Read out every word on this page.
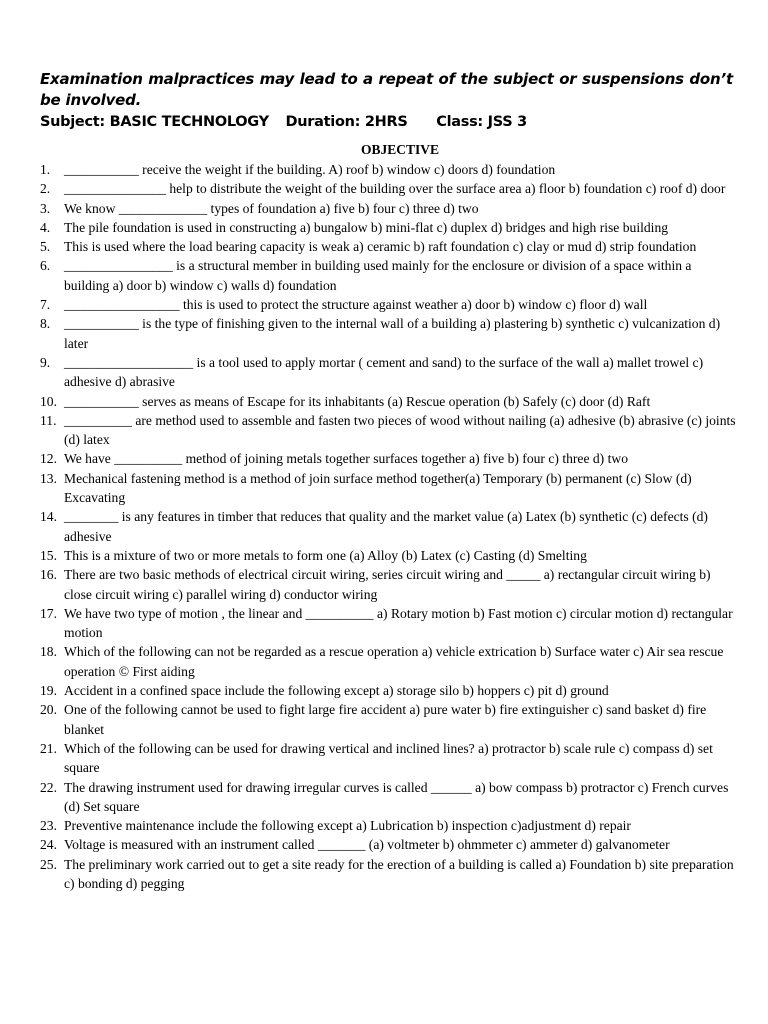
Examination malpractices may lead to a repeat of the subject or suspensions don’t be involved.
Subject: BASIC TECHNOLOGY Duration: 2HRS Class: JSS 3
OBJECTIVE
1.	___________ receive the weight if the building. A) roof b) window c) doors d) foundation
2.	_______________ help to distribute the weight of the building over the surface area a) floor b) foundation c) roof d) door
3.	We know _____________ types of foundation a) five b) four c) three d) two
4.	The pile foundation is used in constructing a) bungalow b) mini-flat c) duplex d) bridges and high rise building
5.	This is used where the load bearing capacity is weak a) ceramic b) raft foundation c) clay or mud d) strip foundation
6.	________________ is a structural member in building used mainly for the enclosure or division of a space within a building a) door b) window c) walls d) foundation
7.	_________________ this is used to protect the structure against weather a) door b) window c) floor d) wall
8.	___________ is the type of finishing given to the internal wall of a building a) plastering b) synthetic c) vulcanization d) later
9.	___________________ is a tool used to apply mortar ( cement and sand) to the surface of the wall a) mallet trowel c) adhesive d) abrasive
10. ___________ serves as means of Escape for its inhabitants (a) Rescue operation (b) Safely (c) door (d) Raft
11. __________ are method used to assemble and fasten two pieces of wood without nailing (a) adhesive (b) abrasive (c) joints (d) latex
12. We have __________ method of joining metals together surfaces together a) five b) four c) three d) two
13. Mechanical fastening method is a method of join surface method together(a) Temporary (b) permanent (c) Slow (d) Excavating
14. ________ is any features in timber that reduces that quality and the market value (a) Latex (b) synthetic (c) defects (d) adhesive
15. This is a mixture of two or more metals to form one (a) Alloy (b) Latex (c) Casting (d) Smelting
16. There are two basic methods of electrical circuit wiring, series circuit wiring and _____ a) rectangular circuit wiring b) close circuit wiring c) parallel wiring d) conductor wiring
17. We have two type of motion , the linear and __________ a) Rotary motion b) Fast motion c) circular motion d) rectangular motion
18. Which of the following can not be regarded as a rescue operation a) vehicle extrication b) Surface water c) Air sea rescue operation © First aiding
19. Accident in a confined space include the following except a) storage silo b) hoppers c) pit d) ground
20. One of the following cannot be used to fight large fire accident a) pure water b) fire extinguisher c) sand basket d) fire blanket
21. Which of the following can be used for drawing vertical and inclined lines? a) protractor b) scale rule c) compass d) set square
22. The drawing instrument used for drawing irregular curves is called ______ a) bow compass b) protractor c) French curves (d) Set square
23. Preventive maintenance include the following except a) Lubrication b) inspection c)adjustment d) repair
24. Voltage is measured with an instrument called _______ (a) voltmeter b) ohmmeter c) ammeter d) galvanometer
25. The preliminary work carried out to get a site ready for the erection of a building is called a) Foundation b) site preparation c) bonding d) pegging
